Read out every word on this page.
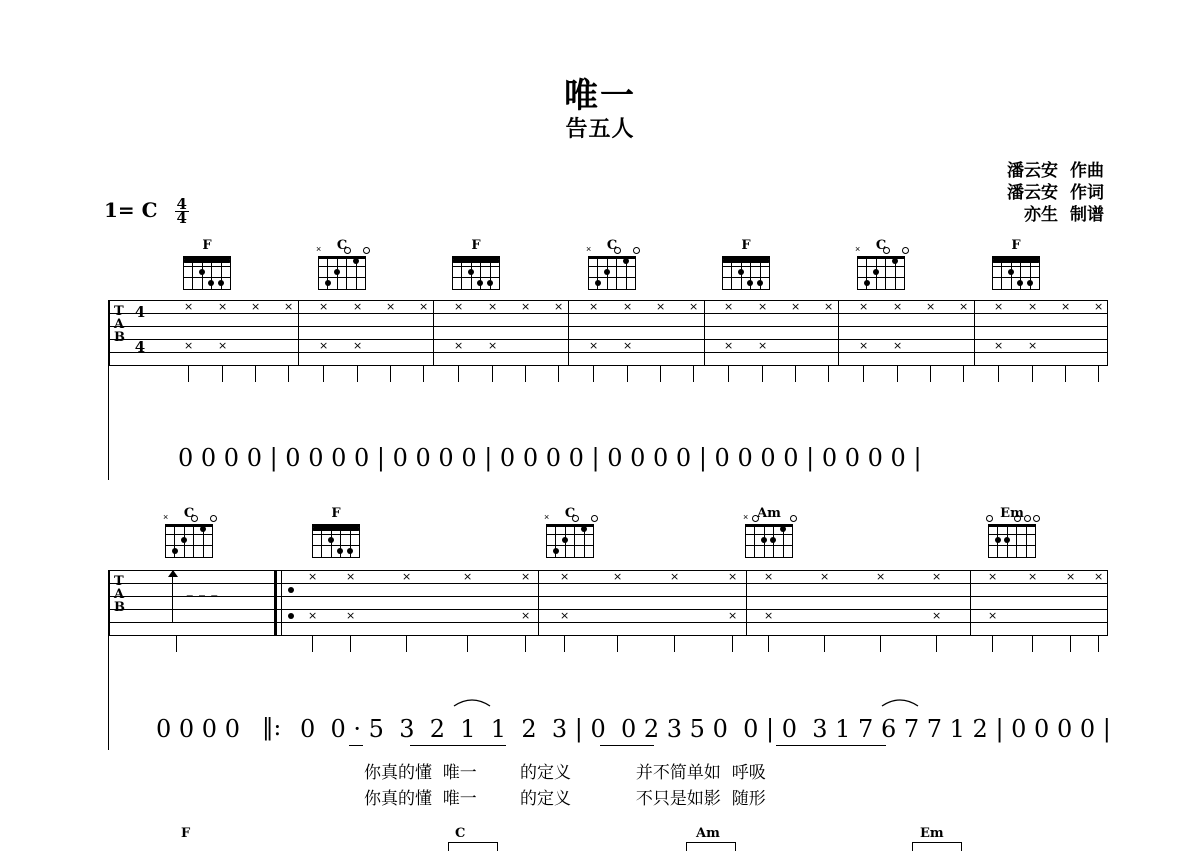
唯一
告五人
潘云安 作曲
潘云安 作词
亦生 制谱
1= C $\frac{4}{4}$
F	C
×	F	C
×	F	C
×	F
T
A
B
4
4
×
×
×
×
× × ×
×
×
×
× × ×
×
×
×
× × ×
×
×
×
× × ×
×
×
×
× × ×
×
×
×
× × ×
×
×
×
× ×
0 0 0 0 | 0 0 0 0 | 0 0 0 0 | 0 0 0 0 | 0 0 0 0 | 0 0 0 0 | 0 0 0 0 |
C
×	F	C
×	Am
×	Em
T
A
B
– – –
×
×
×
×
×	×	×
×
×
×
×	×	×
×
×
×
×	×	×
×
×
×
×	× ×
0 0 0 0 ‖: 0  0 · 5  3  2  1  1  2  3 | 0  0 2 3 5 0  0 | 0  3 1 7 6 7 7 1 2 | 0 0 0 0 |
你真的懂  唯一        的定义            并不简单如  呼吸
你真的懂  唯一        的定义            不只是如影  随形
F	C	Am	Em
